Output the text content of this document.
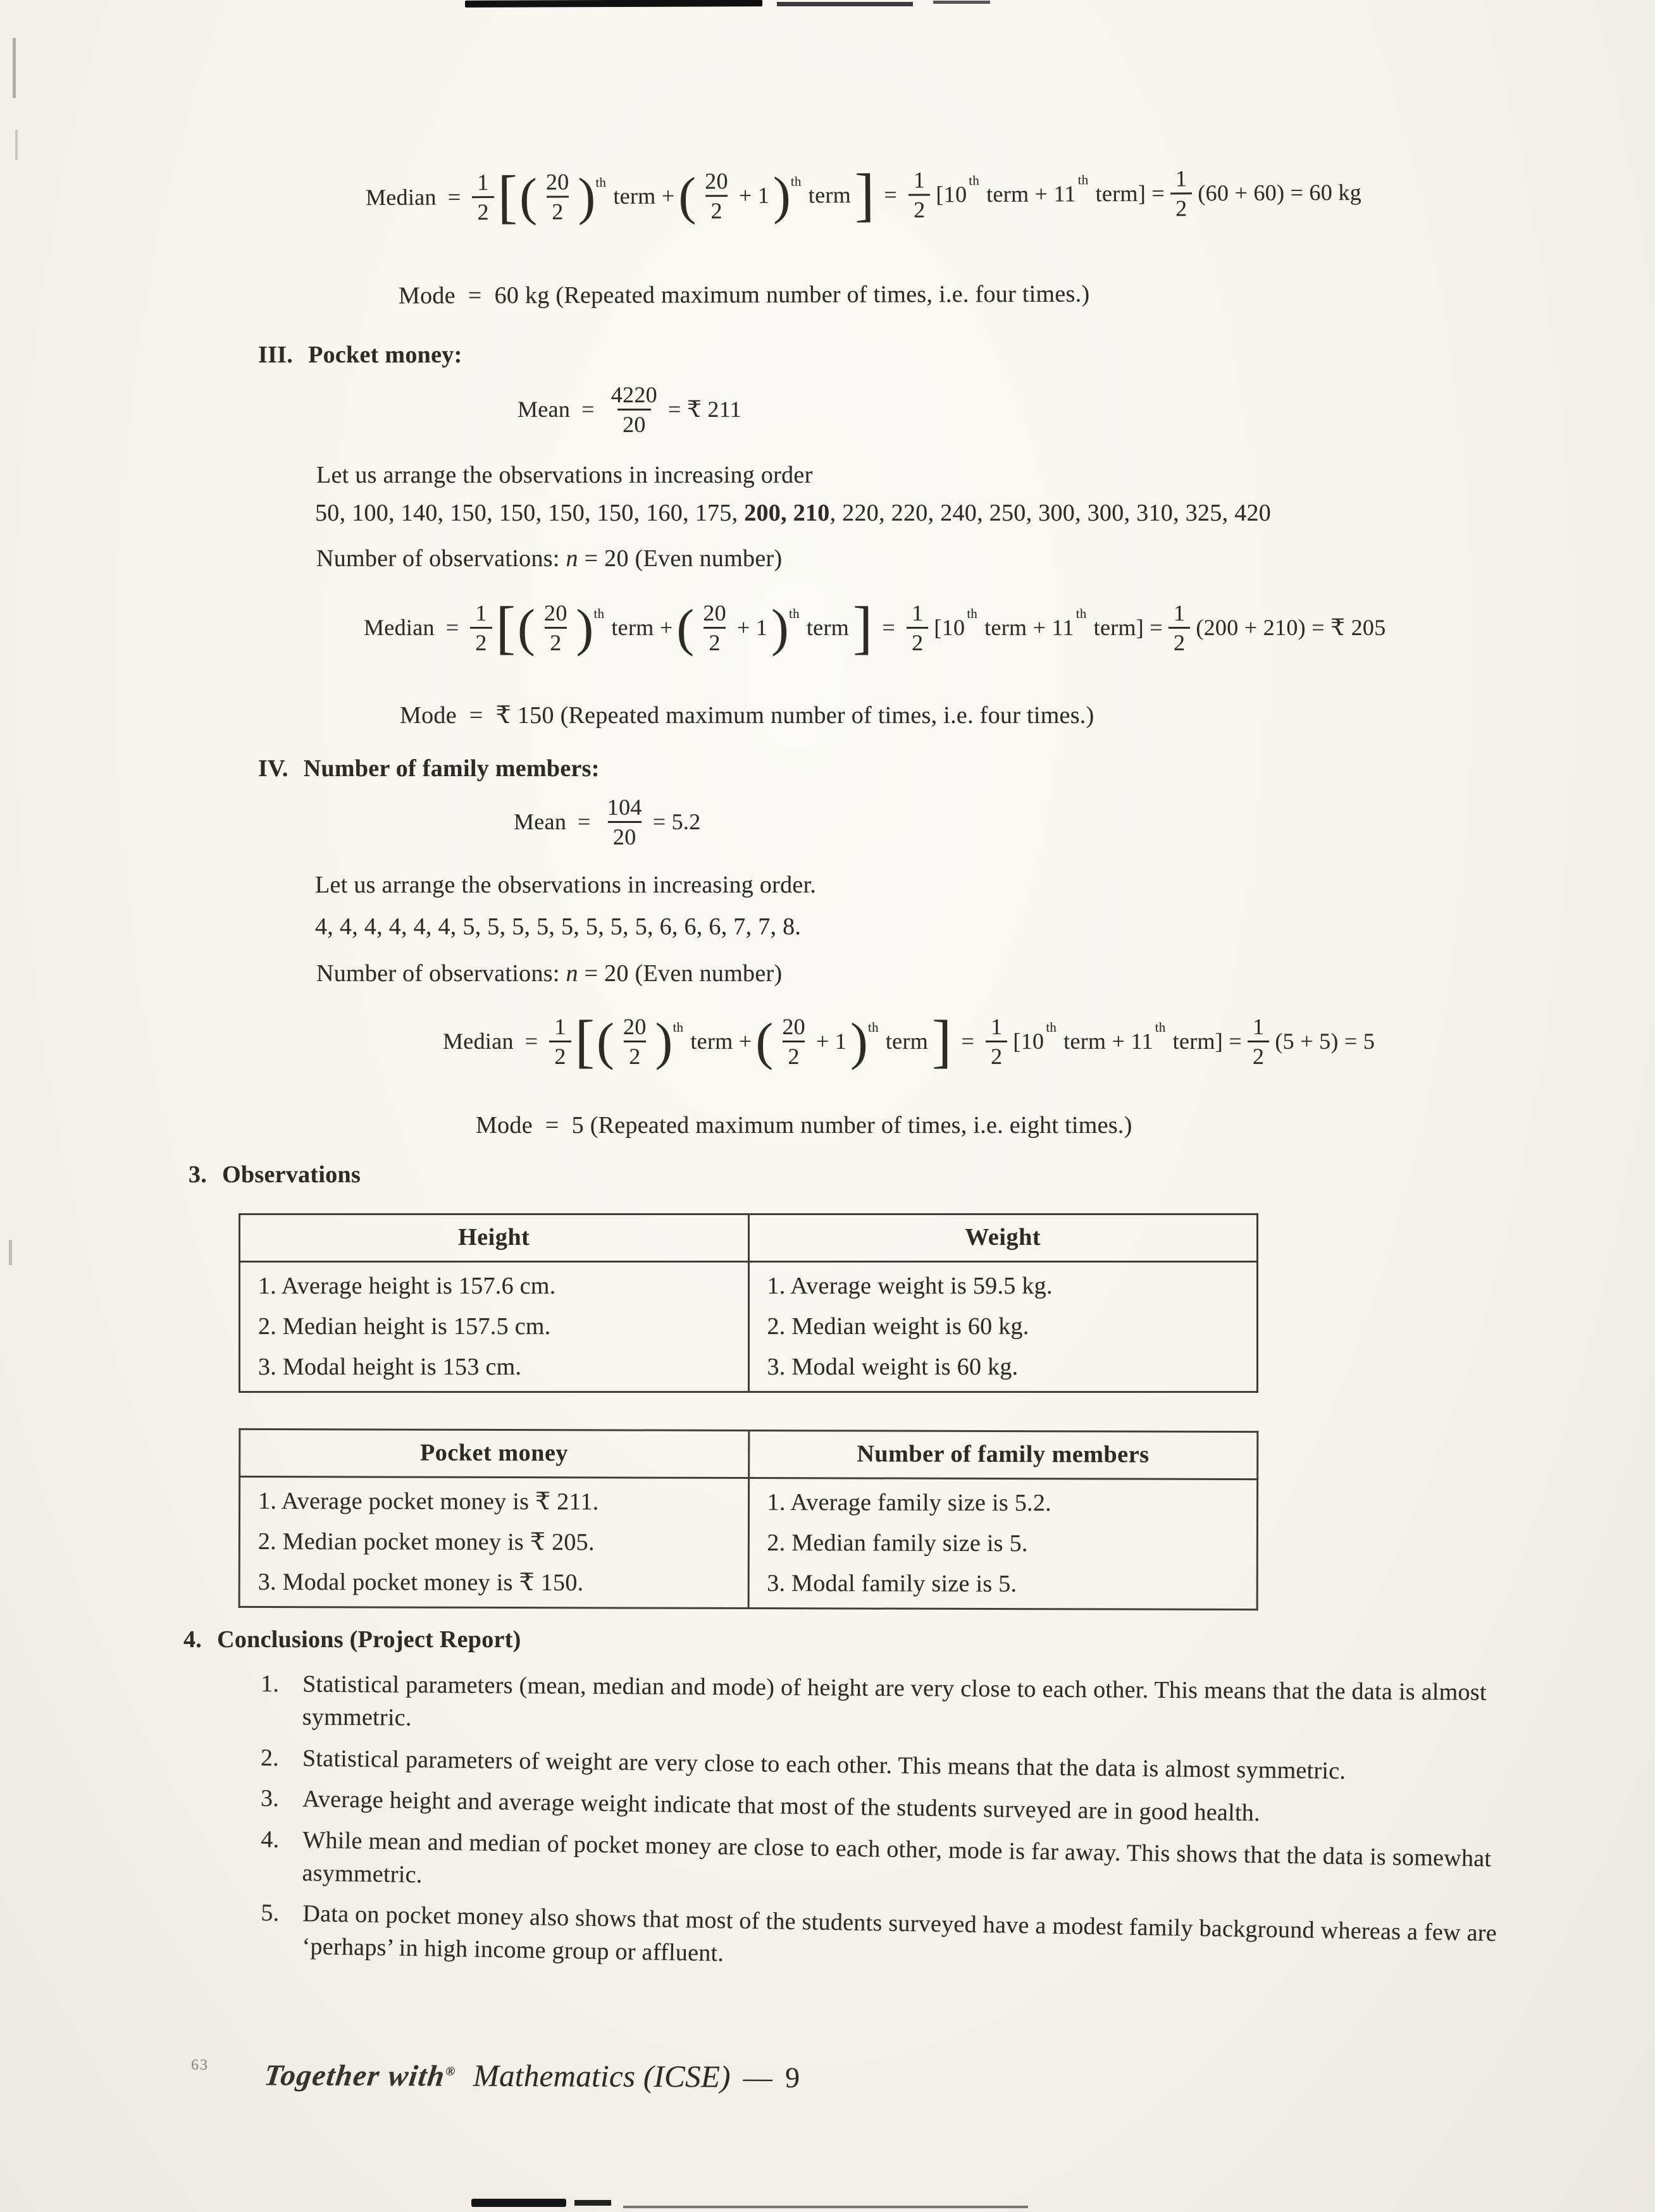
Median = $\frac{1}{2}$ [ ( $\frac{20}{2}$ ) th
term + ( $\frac{20}{2} + 1$ ) th
term ] = $\frac{1}{2} [10$
th
term + 11
th
term] = $\frac{1}{2} (60 + 60) = 60$ kg

Mode = 60 kg (Repeated maximum number of times, i.e. four times.)

III. Pocket money:

Mean = $\frac{4220}{20}$ = ₹ 211

Let us arrange the observations in increasing order

50, 100, 140, 150, 150, 150, 150, 160, 175, 200, 210, 220, 220, 240, 250, 300, 300, 310, 325, 420

Number of observations: n = 20 (Even number)

Median = $\frac{1}{2}$ [ ( $\frac{20}{2}$ ) th
term + ( $\frac{20}{2} + 1$ ) th
term ] = $\frac{1}{2} [10$
th
term + 11
th
term] = $\frac{1}{2} (200 + 210)$ = ₹ 205

Mode = ₹ 150 (Repeated maximum number of times, i.e. four times.)

IV. Number of family members:

Mean = $\frac{104}{20} = 5.2$

Let us arrange the observations in increasing order.

4, 4, 4, 4, 4, 4, 5, 5, 5, 5, 5, 5, 5, 5, 6, 6, 6, 7, 7, 8.

Number of observations: n = 20 (Even number)

Median = $\frac{1}{2}$ [ ( $\frac{20}{2}$ ) th
term + ( $\frac{20}{2} + 1$ ) th
term ] = $\frac{1}{2} [10$
th
term + 11
th
term] = $\frac{1}{2} (5 + 5) = 5$

Mode = 5 (Repeated maximum number of times, i.e. eight times.)

3. Observations

Height	Weight
1. Average height is 157.6 cm.	1. Average weight is 59.5 kg.
2. Median height is 157.5 cm.	2. Median weight is 60 kg.
3. Modal height is 153 cm.	3. Modal weight is 60 kg.
Pocket money	Number of family members
1. Average pocket money is ₹ 211.	1. Average family size is 5.2.
2. Median pocket money is ₹ 205.	2. Median family size is 5.
3. Modal pocket money is ₹ 150.	3. Modal family size is 5.

4. Conclusions (Project Report)

1. Statistical parameters (mean, median and mode) of height are very close to each other. This means that the data is almost symmetric.
2. Statistical parameters of weight are very close to each other. This means that the data is almost symmetric.
3. Average height and average weight indicate that most of the students surveyed are in good health.
4. While mean and median of pocket money are close to each other, mode is far away. This shows that the data is somewhat asymmetric.
5. Data on pocket money also shows that most of the students surveyed have a modest family background whereas a few are ‘perhaps’ in high income group or affluent.
63 Together with® Mathematics (ICSE) — 9
